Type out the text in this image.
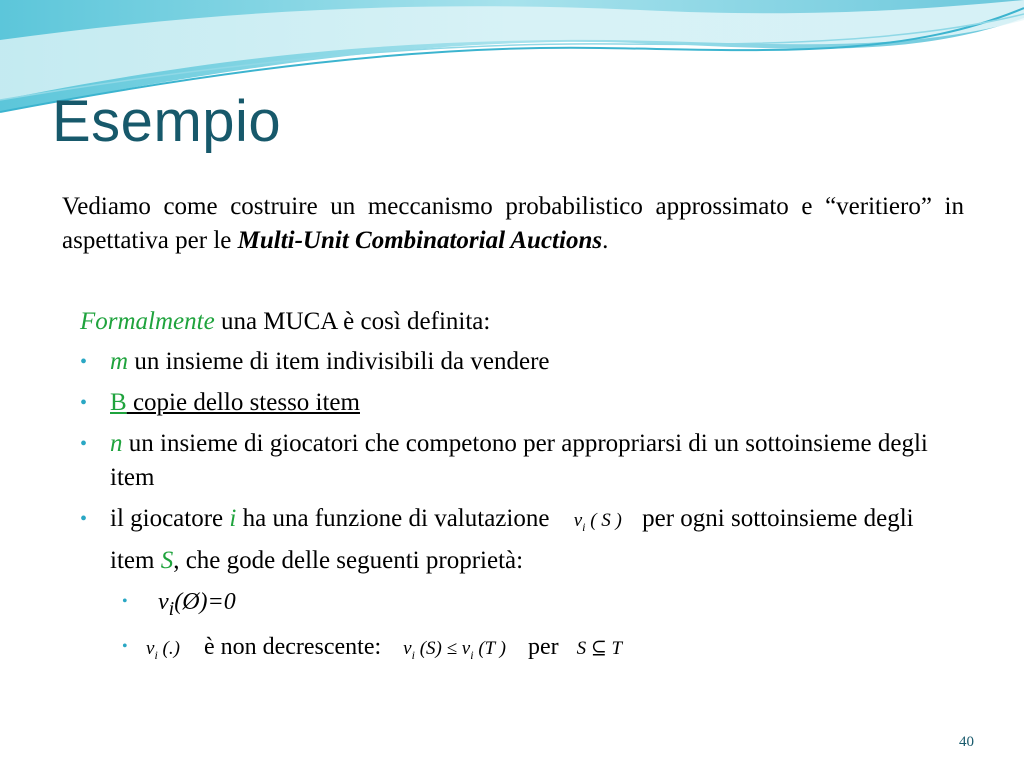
Esempio
Vediamo come costruire un meccanismo probabilistico approssimato e “veritiero” in aspettativa per le Multi-Unit Combinatorial Auctions.
Formalmente una MUCA è così definita:
• m un insieme di item indivisibili da vendere
• B copie dello stesso item
• n un insieme di giocatori che competono per appropriarsi di un sottoinsieme degli item
• il giocatore i ha una funzione di valutazione $v_i$ ( S ) per ogni sottoinsieme degli item S, che gode delle seguenti proprietà:
• $v_i(Ø)=0$
• $v_i$ (.) è non decrescente: $v_i$ $(S) \le v_i$ (T ) per S ⊆ T
40
